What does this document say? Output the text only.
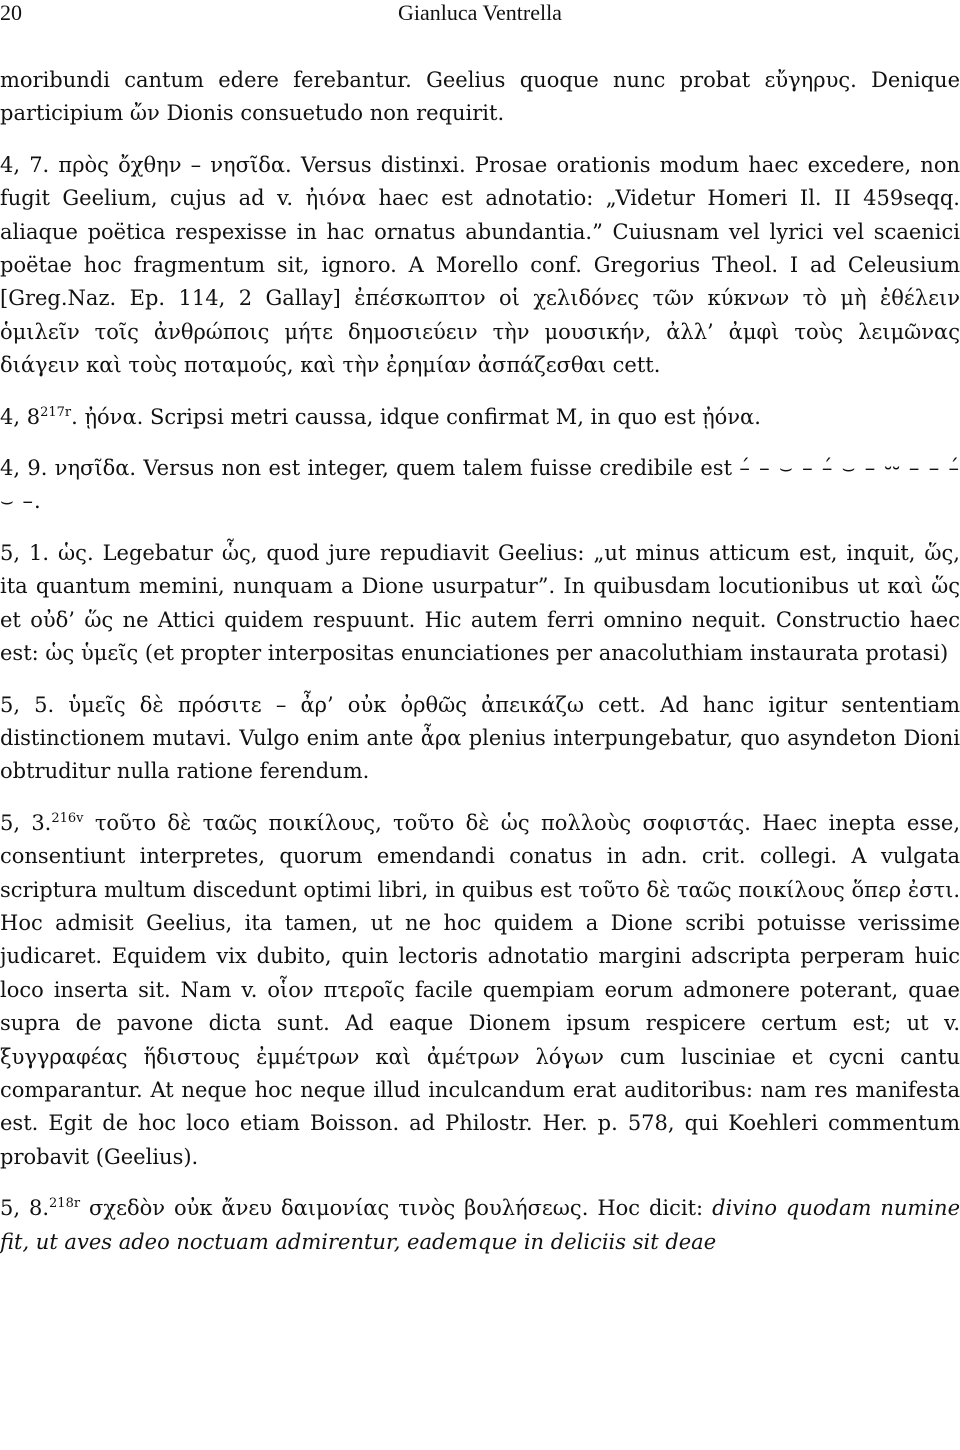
20	Gianluca Ventrella

moribundi cantum edere ferebantur. Geelius quoque nunc probat εὔγηρυς. Denique participium ὤν Dionis consuetudo non requirit.

4, 7. πρὸς ὄχθην – νησῖδα. Versus distinxi. Prosae orationis modum haec excedere, non fugit Geelium, cujus ad v. ἠιόνα haec est adnotatio: „Videtur Homeri Il. II 459seqq. aliaque poëtica respexisse in hac ornatus abundantia.” Cuiusnam vel lyrici vel scaenici poëtae hoc fragmentum sit, ignoro. A Morello conf. Gregorius Theol. I ad Celeusium [Greg.Naz. Ep. 114, 2 Gallay] ἐπέσκωπτον οἱ χελιδόνες τῶν κύκνων τὸ μὴ ἐθέλειν ὁμιλεῖν τοῖς ἀνθρώποις μήτε δημοσιεύειν τὴν μουσικήν, ἀλλ’ ἀμφὶ τοὺς λειμῶνας διάγειν καὶ τοὺς ποταμούς, καὶ τὴν ἐρημίαν ἀσπάζεσθαι cett.

4, 8$^{217r}$. ᾐόνα. Scripsi metri caussa, idque confirmat M, in quo est ᾐόνα.

4, 9. νησῖδα. Versus non est integer, quem talem fuisse credibile est –́ – ⌣ – –́ ⌣ – ⏑⏑ – – –́ ⌣ –.

5, 1. ὡς. Legebatur ὧς, quod jure repudiavit Geelius: „ut minus atticum est, inquit, ὥς, ita quantum memini, nunquam a Dione usurpatur”. In quibusdam locutionibus ut καὶ ὥς et οὐδ’ ὥς ne Attici quidem respuunt. Hic autem ferri omnino nequit. Constructio haec est: ὡς ὑμεῖς (et propter interpositas enunciationes per anacoluthiam instaurata protasi)

5, 5. ὑμεῖς δὲ πρόσιτε – ἆρ’ οὐκ ὀρθῶς ἀπεικάζω cett. Ad hanc igitur sententiam distinctionem mutavi. Vulgo enim ante ἆρα plenius interpungebatur, quo asyndeton Dioni obtruditur nulla ratione ferendum.

5, 3.$^{216v}$ τοῦτο δὲ ταῶς ποικίλους, τοῦτο δὲ ὡς πολλοὺς σοφιστάς. Haec inepta esse, consentiunt interpretes, quorum emendandi conatus in adn. crit. collegi. A vulgata scriptura multum discedunt optimi libri, in quibus est τοῦτο δὲ ταῶς ποικίλους ὅπερ ἐστι. Hoc admisit Geelius, ita tamen, ut ne hoc quidem a Dione scribi potuisse verissime judicaret. Equidem vix dubito, quin lectoris adnotatio margini adscripta perperam huic loco inserta sit. Nam v. οἷον πτεροῖς facile quempiam eorum admonere poterant, quae supra de pavone dicta sunt. Ad eaque Dionem ipsum respicere certum est; ut v. ξυγγραφέας ἥδιστους ἐμμέτρων καὶ ἀμέτρων λόγων cum lusciniae et cycni cantu comparantur. At neque hoc neque illud inculcandum erat auditoribus: nam res manifesta est. Egit de hoc loco etiam Boisson. ad Philostr. Her. p. 578, qui Koehleri commentum probavit (Geelius).

5, 8.$^{218r}$ σχεδὸν οὐκ ἄνευ δαιμονίας τινὸς βουλήσεως. Hoc dicit: divino quodam numine fit, ut aves adeo noctuam admirentur, eademque in deliciis sit deae
